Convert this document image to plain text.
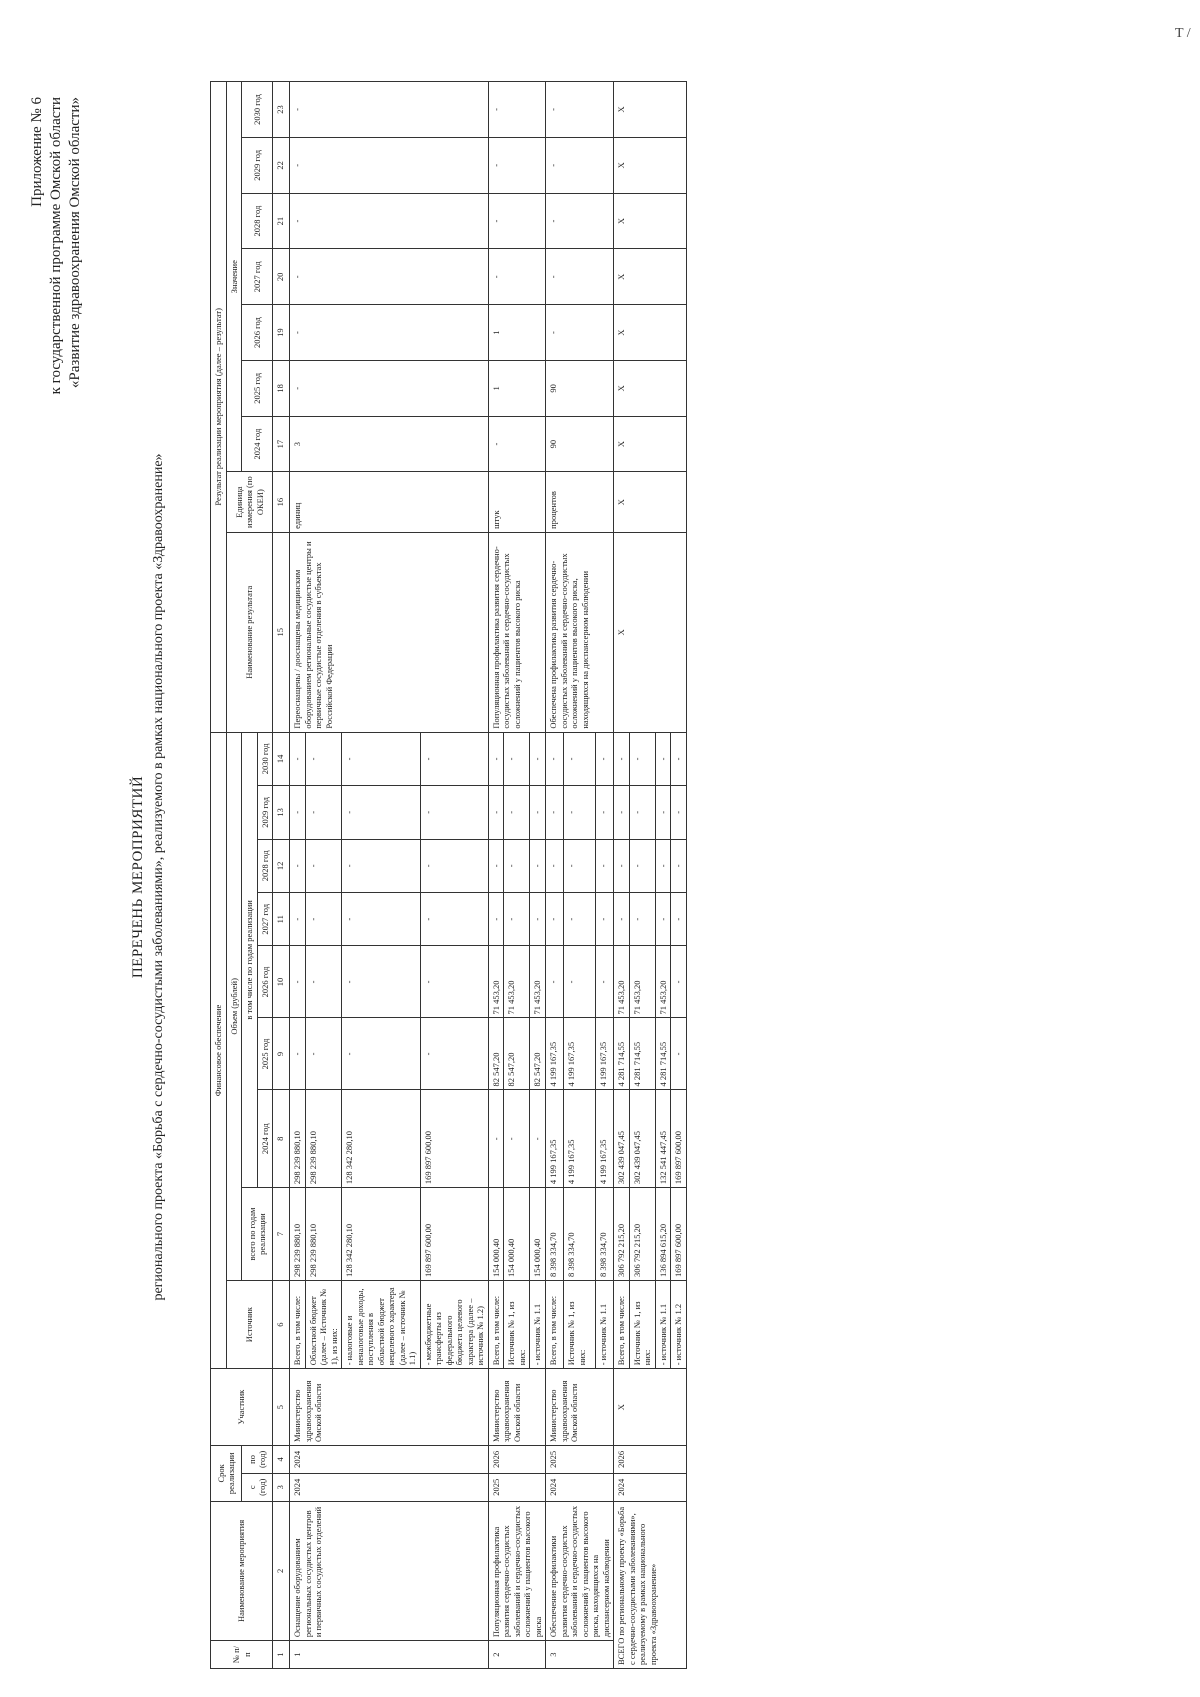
T /
Приложение № 6 к государственной программе Омской области «Развитие здравоохранения Омской области»
ПЕРЕЧЕНЬ МЕРОПРИЯТИЙ регионального проекта «Борьба с сердечно-сосудистыми заболеваниями», реализуемого в рамках национального проекта «Здравоохранение»
№ п/п	Наименование мероприятия	Срок реализации		Участник	Финансовое обеспечение									Результат реализации мероприятия (далее – результат)								
					Источник	Объем (рублей)								Наименование результата	Единица измерения (по ОКЕИ)	Значение						
		с (год)	по (год)			всего по годам реализации	в том числе по годам реализации									2024 год	2025 год	2026 год	2027 год	2028 год	2029 год	2030 год
							2024 год	2025 год	2026 год	2027 год	2028 год	2029 год	2030 год									
1	2	3	4	5	6	7	8	9	10	11	12	13	14	15	16	17	18	19	20	21	22	23
1	Оснащение оборудованием региональных сосудистых центров и первичных сосудистых отделений	2024	2024	Министерство здравоохранения Омской области	Всего, в том числе:	298 239 880,10	298 239 880,10	-	-	-	-	-	-	Переоснащены / дооснащены медицинским оборудованием региональные сосудистые центры и первичные сосудистые отделения в субъектах Российской Федерации	единиц	3	-	-	-	-	-	-
					Областной бюджет (далее – Источник № 1), из них:	298 239 880,10	298 239 880,10	-	-	-	-	-	-									
					- налоговые и неналоговые доходы, поступления в областной бюджет нецелевого характера (далее – источник № 1.1)	128 342 280,10	128 342 280,10	-	-	-	-	-	-									
					- межбюджетные трансферты из федерального бюджета целевого характера (далее – источник № 1.2)	169 897 600,00	169 897 600,00	-	-	-	-	-	-									
2	Популяционная профилактика развития сердечно-сосудистых заболеваний и сердечно-сосудистых осложнений у пациентов высокого риска	2025	2026	Министерство здравоохранения Омской области	Всего, в том числе:	154 000,40	-	82 547,20	71 453,20	-	-	-	-	Популяционная профилактика развития сердечно-сосудистых заболеваний и сердечно-сосудистых осложнений у пациентов высокого риска	штук	-	1	1	-	-	-	-
					Источник № 1, из них:	154 000,40	-	82 547,20	71 453,20	-	-	-	-									
					- источник № 1.1	154 000,40	-	82 547,20	71 453,20	-	-	-	-									
3	Обеспечение профилактики развития сердечно-сосудистых заболеваний и сердечно-сосудистых осложнений у пациентов высокого риска, находящихся на диспансерном наблюдении	2024	2025	Министерство здравоохранения Омской области	Всего, в том числе:	8 398 334,70	4 199 167,35	4 199 167,35	-	-	-	-	-	Обеспечена профилактика развития сердечно-сосудистых заболеваний и сердечно-сосудистых осложнений у пациентов высокого риска, находящихся на диспансерном наблюдении	процентов	90	90	-	-	-	-	-
					Источник № 1, из них:	8 398 334,70	4 199 167,35	4 199 167,35	-	-	-	-	-									
					- источник № 1.1	8 398 334,70	4 199 167,35	4 199 167,35	-	-	-	-	-									
ВСЕГО по региональному проекту «Борьба с сердечно-сосудистыми заболеваниями», реализуемому в рамках национального проекта «Здравоохранение»		2024	2026	X	Всего, в том числе:	306 792 215,20	302 439 047,45	4 281 714,55	71 453,20	-	-	-	-	X	X	X	X	X	X	X	X	X
					Источник № 1, из них:	306 792 215,20	302 439 047,45	4 281 714,55	71 453,20	-	-	-	-									
					- источник № 1.1	136 894 615,20	132 541 447,45	4 281 714,55	71 453,20	-	-	-	-									
					- источник № 1.2	169 897 600,00	169 897 600,00	-	-	-	-	-	-									
